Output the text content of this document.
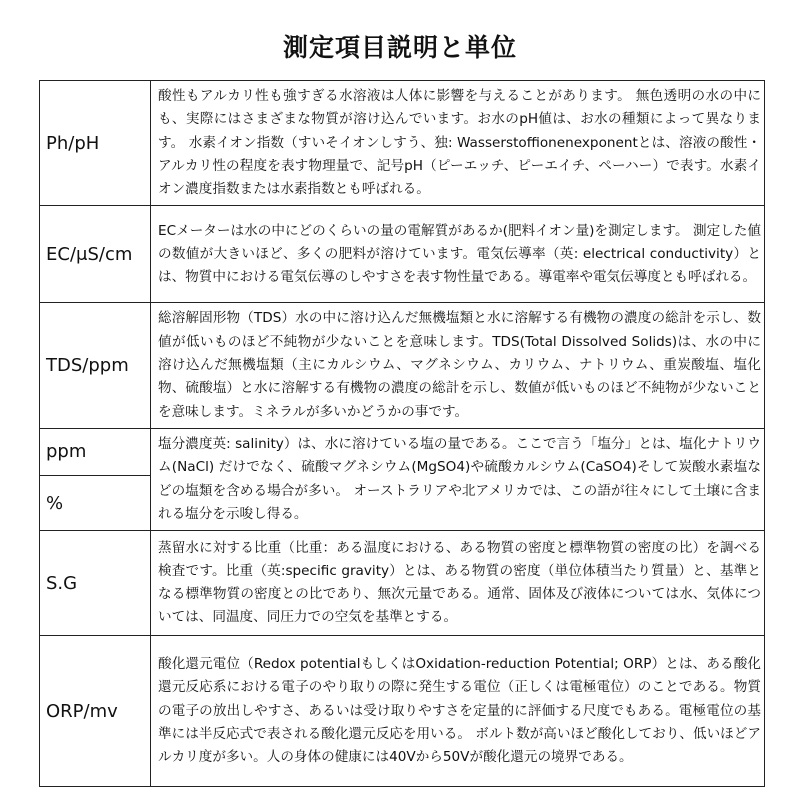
測定項目説明と単位
Ph/pH	酸性もアルカリ性も強すぎる水溶液は人体に影響を与えることがあります。 無色透明の水の中にも、実際にはさまざまな物質が溶け込んでいます。お水のpH値は、お水の種類によって異なります。 水素イオン指数（すいそイオンしすう、独: Wasserstoffionenexponentとは、溶液の酸性・アルカリ性の程度を表す物理量で、記号pH（ピーエッチ、ピーエイチ、ペーハー）で表す。水素イオン濃度指数または水素指数とも呼ばれる。
EC/μS/cm	ECメーターは水の中にどのくらいの量の電解質があるか(肥料イオン量)を測定します。 測定した値の数値が大きいほど、多くの肥料が溶けています。電気伝導率（英: electrical conductivity）とは、物質中における電気伝導のしやすさを表す物性量である。導電率や電気伝導度とも呼ばれる。
TDS/ppm	総溶解固形物（TDS）水の中に溶け込んだ無機塩類と水に溶解する有機物の濃度の総計を示し、数値が低いものほど不純物が少ないことを意味します。TDS(Total Dissolved Solids)は、水の中に溶け込んだ無機塩類（主にカルシウム、マグネシウム、カリウム、ナトリウム、重炭酸塩、塩化物、硫酸塩）と水に溶解する有機物の濃度の総計を示し、数値が低いものほど不純物が少ないことを意味します。ミネラルが多いかどうかの事です。
ppm	塩分濃度英: salinity）は、水に溶けている塩の量である。ここで言う「塩分」とは、塩化ナトリウム(NaCl) だけでなく、硫酸マグネシウム(MgSO4)や硫酸カルシウム(CaSO4)そして炭酸水素塩などの塩類を含める場合が多い。 オーストラリアや北アメリカでは、この語が往々にして土壌に含まれる塩分を示唆し得る。
%	
S.G	蒸留水に対する比重（比重：ある温度における、ある物質の密度と標準物質の密度の比）を調べる検査です。比重（英:specific gravity）とは、ある物質の密度（単位体積当たり質量）と、基準となる標準物質の密度との比であり、無次元量である。通常、固体及び液体については水、気体については、同温度、同圧力での空気を基準とする。
ORP/mv	酸化還元電位（Redox potentialもしくはOxidation-reduction Potential; ORP）とは、ある酸化還元反応系における電子のやり取りの際に発生する電位（正しくは電極電位）のことである。物質の電子の放出しやすさ、あるいは受け取りやすさを定量的に評価する尺度でもある。電極電位の基準には半反応式で表される酸化還元反応を用いる。 ボルト数が高いほど酸化しており、低いほどアルカリ度が多い。人の身体の健康には40Vから50Vが酸化還元の境界である。
